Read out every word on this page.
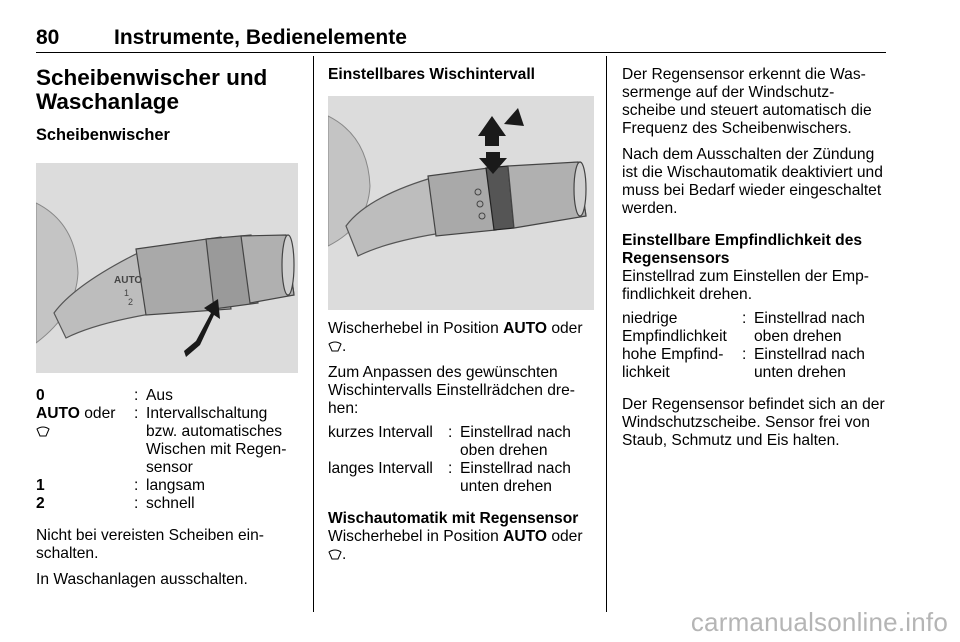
80	Instrumente, Bedienelemente
Scheibenwischer und
Waschanlage
Scheibenwischer
AUTO
1
2
0	: Aus
AUTO oder	: Intervallschaltung bzw. automatisches Wischen mit Regen-sensor
1	: langsam
2	: schnell

Nicht bei vereisten Scheiben ein-schalten.

In Waschanlagen ausschalten.

Einstellbares Wischintervall

Wischerhebel in Position AUTO oder
.

Zum Anpassen des gewünschten Wischintervalls Einstellrädchen dre-hen:

kurzes Intervall : Einstellrad nach oben drehen
langes Intervall : Einstellrad nach unten drehen
Wischautomatik mit Regensensor

Wischerhebel in Position AUTO oder
.

Der Regensensor erkennt die Was-sermenge auf der Windschutz-scheibe und steuert automatisch die Frequenz des Scheibenwischers.

Nach dem Ausschalten der Zündung ist die Wischautomatik deaktiviert und muss bei Bedarf wieder eingeschaltet werden.

Einstellbare Empfindlichkeit des Regensensors

Einstellrad zum Einstellen der Emp-findlichkeit drehen.

niedrige Empfindlichkeit
: Einstellrad nach oben drehen
hohe Empfind-lichkeit
: Einstellrad nach unten drehen

Der Regensensor befindet sich an der Windschutzscheibe. Sensor frei von Staub, Schmutz und Eis halten.

carmanualsonline.info
